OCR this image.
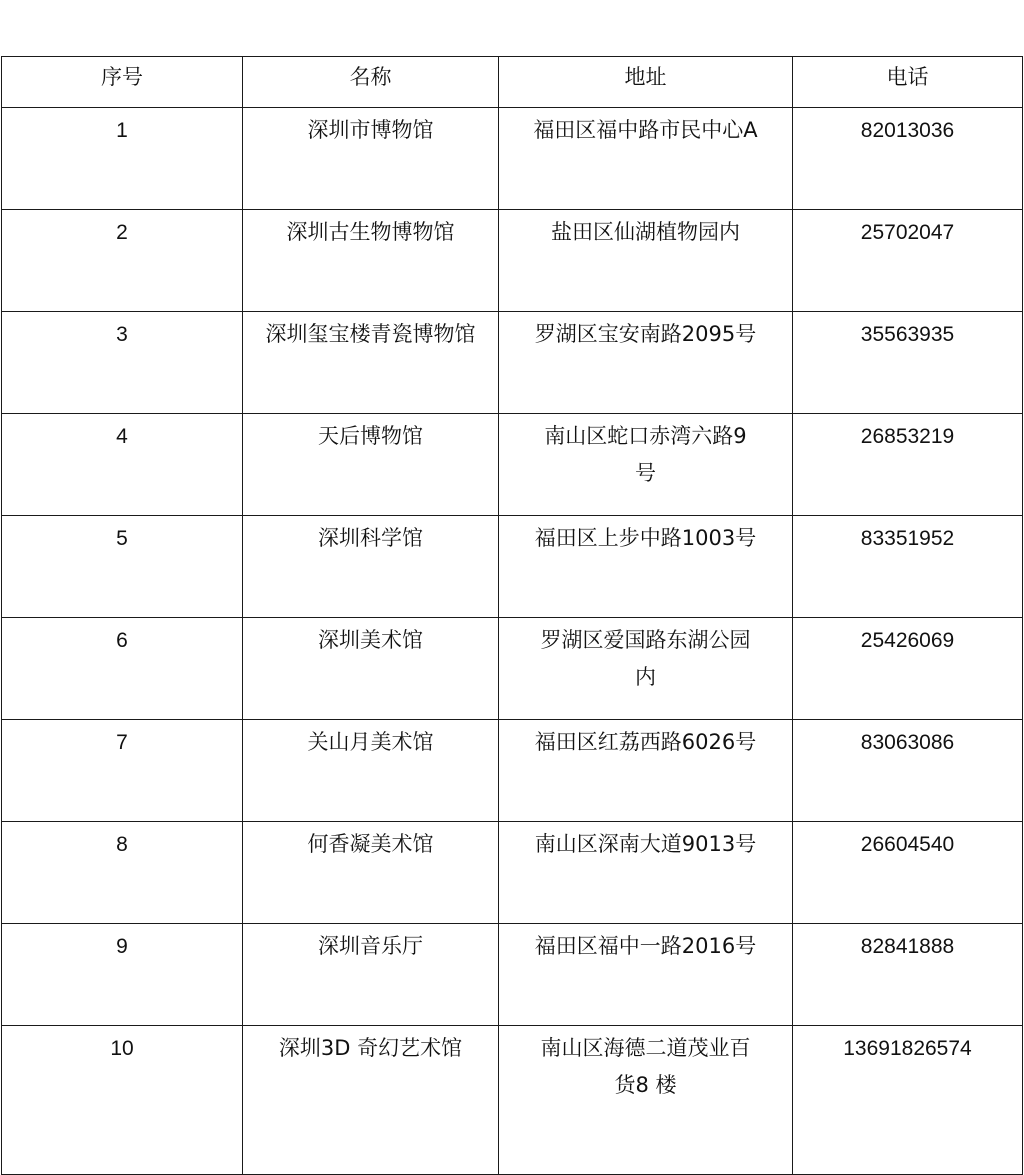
序号	名称	地址	电话
1	深圳市博物馆	福田区福中路市民中心A	82013036
2	深圳古生物博物馆	盐田区仙湖植物园内	25702047
3	深圳玺宝楼青瓷博物馆	罗湖区宝安南路2095号	35563935
4	天后博物馆	南山区蛇口赤湾六路9 号	26853219
5	深圳科学馆	福田区上步中路1003号	83351952
6	深圳美术馆	罗湖区爱国路东湖公园内	25426069
7	关山月美术馆	福田区红荔西路6026号	83063086
8	何香凝美术馆	南山区深南大道9013号	26604540
9	深圳音乐厅	福田区福中一路2016号	82841888
10	深圳3D 奇幻艺术馆	南山区海德二道茂业百货8 楼	13691826574
